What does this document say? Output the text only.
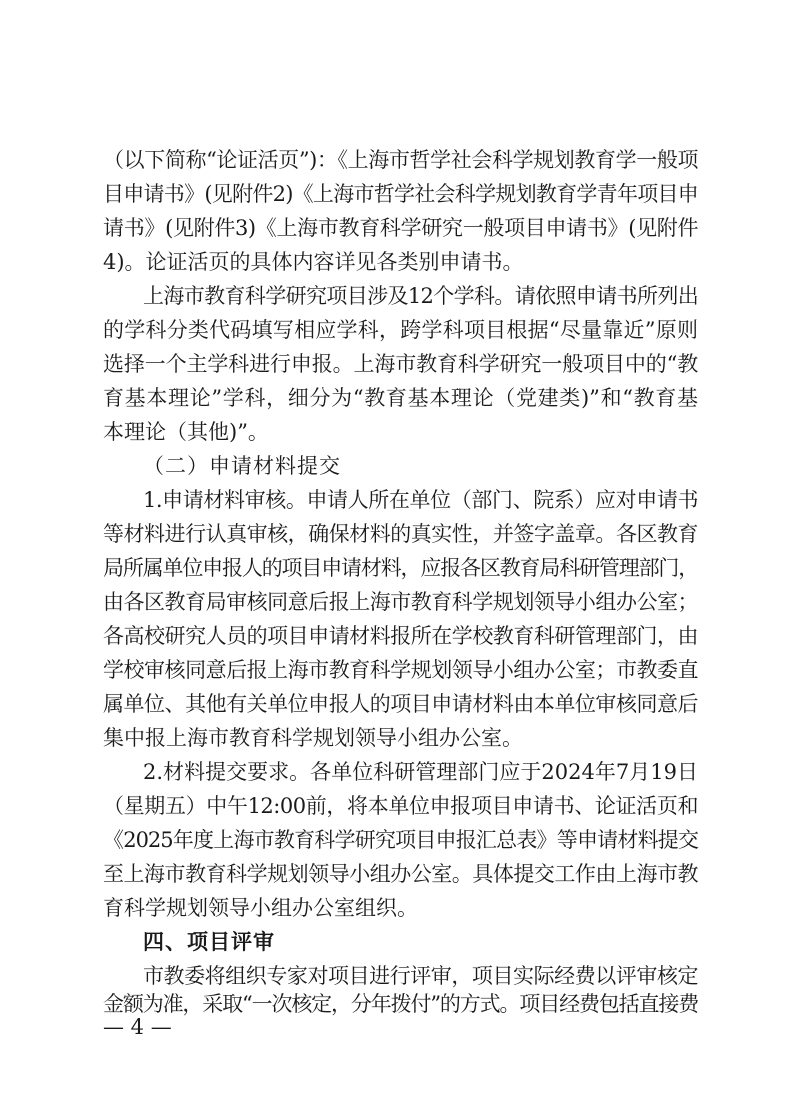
（以下简称“论证活页”)：《上海市哲学社会科学规划教育学一般项
目申请书》(见附件2)《上海市哲学社会科学规划教育学青年项目申
请书》(见附件3)《上海市教育科学研究一般项目申请书》(见附件
4)。论证活页的具体内容详见各类别申请书。
上海市教育科学研究项目涉及12个学科。请依照申请书所列出
的学科分类代码填写相应学科，跨学科项目根据“尽量靠近”原则
选择一个主学科进行申报。上海市教育科学研究一般项目中的“教
育基本理论”学科，细分为“教育基本理论（党建类)”和“教育基
本理论（其他)”。
（二）申请材料提交
1.申请材料审核。申请人所在单位（部门、院系）应对申请书
等材料进行认真审核，确保材料的真实性，并签字盖章。各区教育
局所属单位申报人的项目申请材料，应报各区教育局科研管理部门，
由各区教育局审核同意后报上海市教育科学规划领导小组办公室；
各高校研究人员的项目申请材料报所在学校教育科研管理部门，由
学校审核同意后报上海市教育科学规划领导小组办公室；市教委直
属单位、其他有关单位申报人的项目申请材料由本单位审核同意后
集中报上海市教育科学规划领导小组办公室。
2.材料提交要求。各单位科研管理部门应于2024年7月19日
（星期五）中午12:00前，将本单位申报项目申请书、论证活页和
《2025年度上海市教育科学研究项目申报汇总表》等申请材料提交
至上海市教育科学规划领导小组办公室。具体提交工作由上海市教
育科学规划领导小组办公室组织。
四、项目评审
市教委将组织专家对项目进行评审，项目实际经费以评审核定
金额为准，采取“一次核定，分年拨付”的方式。项目经费包括直接费
— 4 —
